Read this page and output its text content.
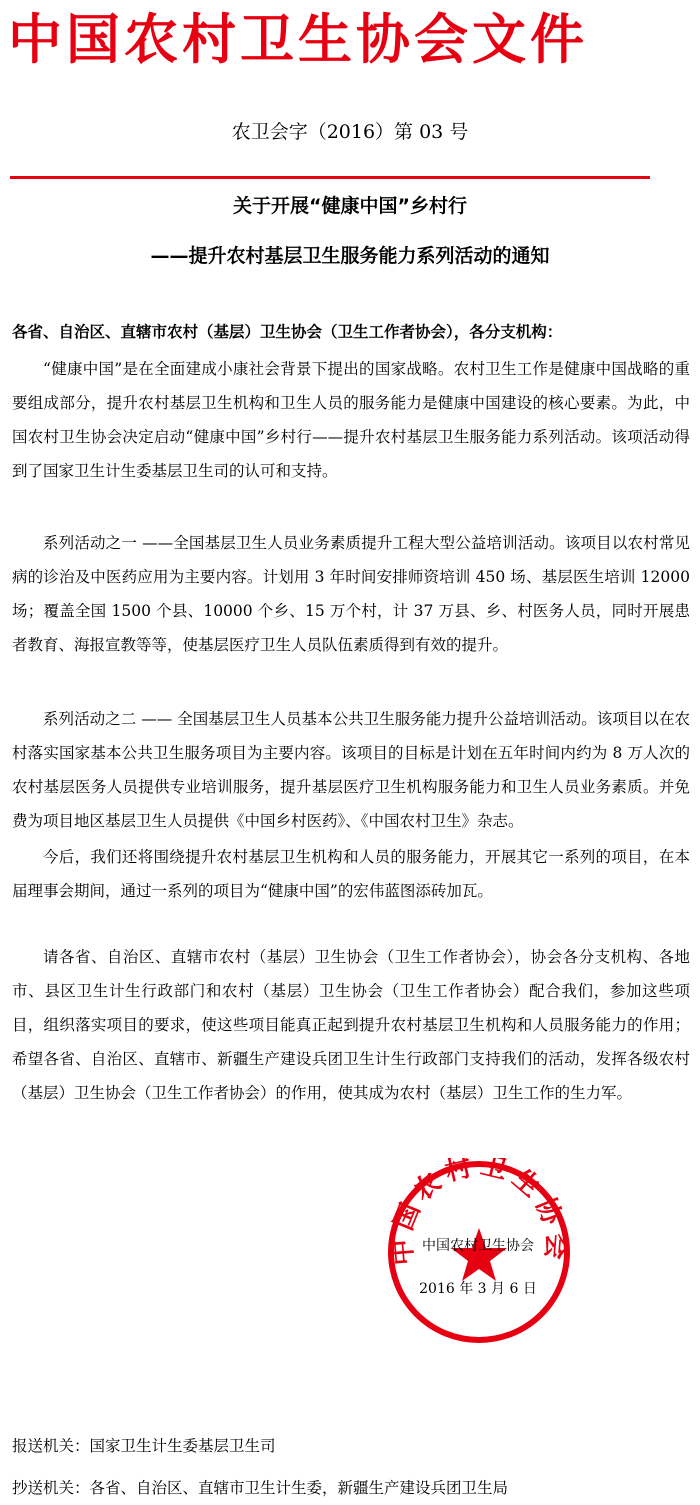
中国农村卫生协会文件
农卫会字（2016）第 03 号
关于开展“健康中国”乡村行
——提升农村基层卫生服务能力系列活动的通知
各省、自治区、直辖市农村（基层）卫生协会（卫生工作者协会），各分支机构：
“健康中国”是在全面建成小康社会背景下提出的国家战略。农村卫生工作是健康中国战略的重要组成部分，提升农村基层卫生机构和卫生人员的服务能力是健康中国建设的核心要素。为此，中国农村卫生协会决定启动“健康中国”乡村行——提升农村基层卫生服务能力系列活动。该项活动得到了国家卫生计生委基层卫生司的认可和支持。
系列活动之一 ——全国基层卫生人员业务素质提升工程大型公益培训活动。该项目以农村常见病的诊治及中医药应用为主要内容。计划用 3 年时间安排师资培训 450 场、基层医生培训 12000 场；覆盖全国 1500 个县、10000 个乡、15 万个村，计 37 万县、乡、村医务人员，同时开展患者教育、海报宣教等等，使基层医疗卫生人员队伍素质得到有效的提升。
系列活动之二 —— 全国基层卫生人员基本公共卫生服务能力提升公益培训活动。该项目以在农村落实国家基本公共卫生服务项目为主要内容。该项目的目标是计划在五年时间内约为 8 万人次的农村基层医务人员提供专业培训服务，提升基层医疗卫生机构服务能力和卫生人员业务素质。并免费为项目地区基层卫生人员提供《中国乡村医药》、《中国农村卫生》杂志。
今后，我们还将围绕提升农村基层卫生机构和人员的服务能力，开展其它一系列的项目，在本届理事会期间，通过一系列的项目为“健康中国”的宏伟蓝图添砖加瓦。
请各省、自治区、直辖市农村（基层）卫生协会（卫生工作者协会），协会各分支机构、各地市、县区卫生计生行政部门和农村（基层）卫生协会（卫生工作者协会）配合我们，参加这些项目，组织落实项目的要求，使这些项目能真正起到提升农村基层卫生机构和人员服务能力的作用；希望各省、自治区、直辖市、新疆生产建设兵团卫生计生行政部门支持我们的活动，发挥各级农村（基层）卫生协会（卫生工作者协会）的作用，使其成为农村（基层）卫生工作的生力军。
中国农村卫生协会
中国农村卫生协会
2016 年 3 月 6 日
报送机关：国家卫生计生委基层卫生司
抄送机关：各省、自治区、直辖市卫生计生委，新疆生产建设兵团卫生局
